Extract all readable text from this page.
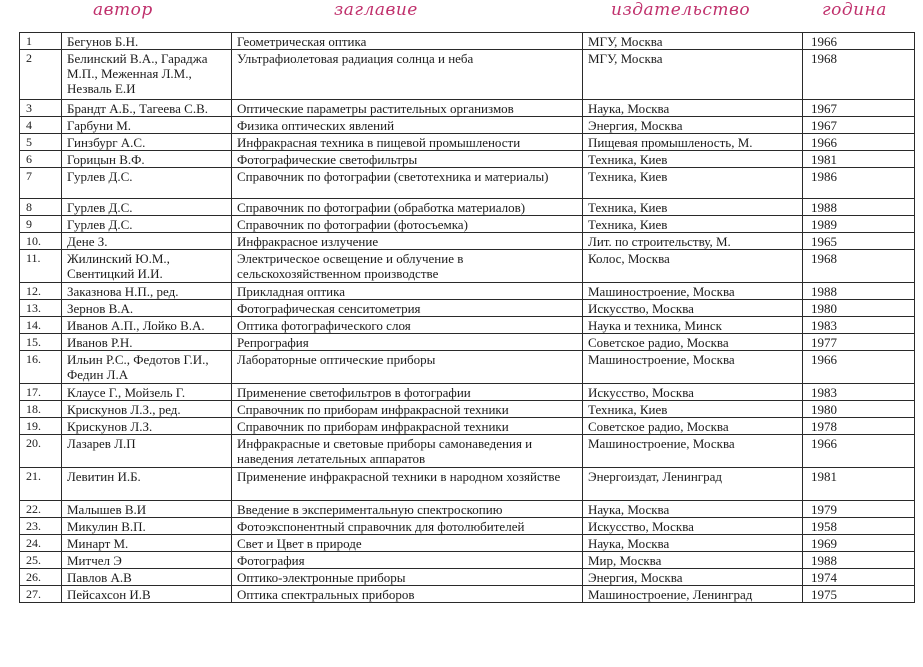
автор	заглавие	издательство	година
1	Бегунов Б.Н.	Геометрическая оптика	МГУ, Москва	1966
2	Белинский В.А., Гараджа М.П., Меженная Л.М., Незваль Е.И	Ультрафиолетовая радиация солнца и неба	МГУ, Москва	1968
3	Брандт А.Б., Тагеева С.В.	Оптические параметры растительных организмов	Наука, Москва	1967
4	Гарбуни М.	Физика оптических явлений	Энергия, Москва	1967
5	Гинзбург А.С.	Инфракрасная техника в пищевой промышлености	Пищевая промышленость, М.	1966
6	Горицын В.Ф.	Фотографические светофильтры	Техника, Киев	1981
7	Гурлев Д.С.	Справочник по фотографии (светотехника и материалы)	Техника, Киев	1986
8	Гурлев Д.С.	Справочник по фотографии (обработка материалов)	Техника, Киев	1988
9	Гурлев Д.С.	Справочник по фотографии (фотосъемка)	Техника, Киев	1989
10.	Дене З.	Инфракрасное излучение	Лит. по строительству, М.	1965
11.	Жилинский Ю.М., Свентицкий И.И.	Электрическое освещение и облучение в сельскохозяйственном производстве	Колос, Москва	1968
12.	Заказнова Н.П., ред.	Прикладная оптика	Машиностроение, Москва	1988
13.	Зернов В.А.	Фотографическая сенситометрия	Искусство, Москва	1980
14.	Иванов А.П., Лойко В.А.	Оптика фотографического слоя	Наука и техника, Минск	1983
15.	Иванов Р.Н.	Репрография	Советское радио, Москва	1977
16.	Ильин Р.С., Федотов Г.И., Федин Л.А	Лабораторные оптические приборы	Машиностроение, Москва	1966
17.	Клаусе Г., Мойзель Г.	Применение светофильтров в фотографии	Искусство, Москва	1983
18.	Крискунов Л.З., ред.	Справочник по приборам инфракрасной техники	Техника, Киев	1980
19.	Крискунов Л.З.	Справочник по приборам инфракрасной техники	Советское радио, Москва	1978
20.	Лазарев Л.П	Инфракрасные и световые приборы самонаведения и наведения летательных аппаратов	Машиностроение, Москва	1966
21.	Левитин И.Б.	Применение инфракрасной техники в народном хозяйстве	Энергоиздат, Ленинград	1981
22.	Малышев В.И	Введение в экспериментальную спектроскопию	Наука, Москва	1979
23.	Микулин В.П.	Фотоэкспонентный справочник для фотолюбителей	Искусство, Москва	1958
24.	Минарт М.	Свет и Цвет в природе	Наука, Москва	1969
25.	Митчел Э	Фотография	Мир, Москва	1988
26.	Павлов А.В	Оптико-электронные приборы	Энергия, Москва	1974
27.	Пейсахсон И.В	Оптика спектральных приборов	Машиностроение, Ленинград	1975
